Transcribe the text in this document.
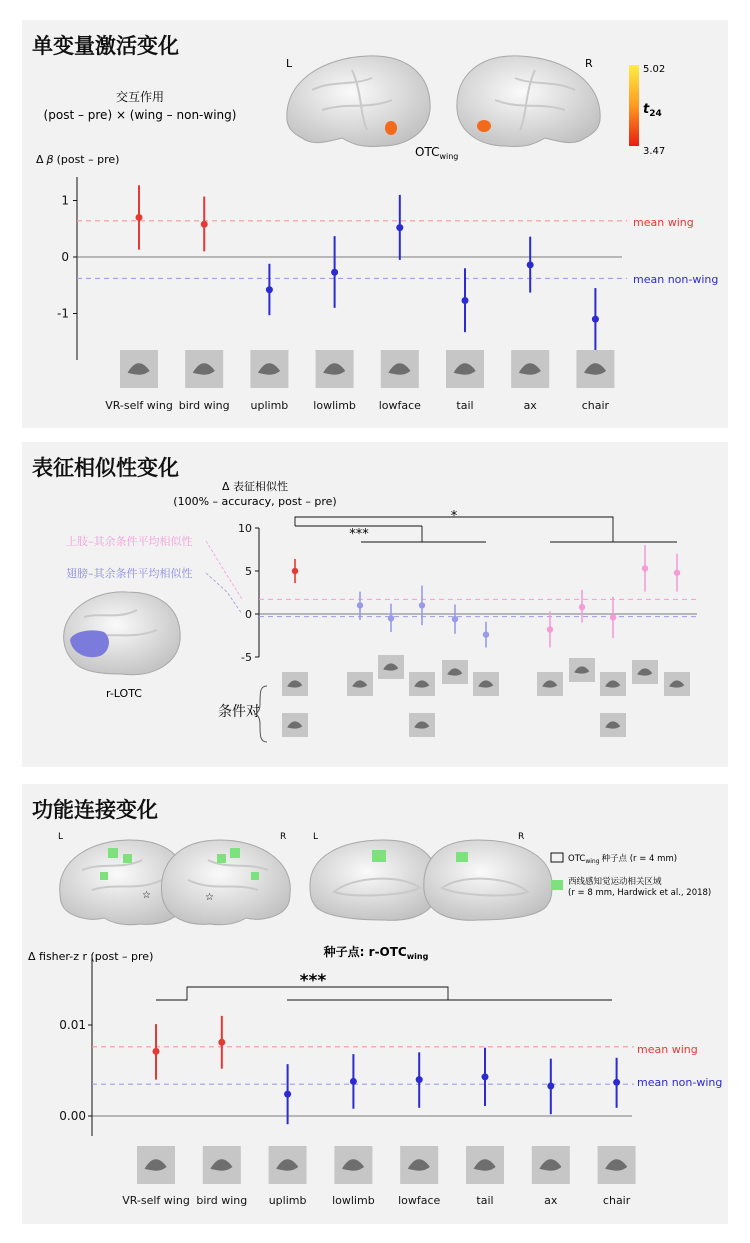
单变量激活变化
L	R
$OTC_{wing}$
5.02
3.47
$t_{24}$
交互作用
(post – pre) × (wing – non-wing)
Δ β (post – pre)
1
0
-1
mean wing
mean non-wing
VR-self wing bird wing uplimb lowlimb lowface	tail	ax	chair
表征相似性变化
Δ 表征相似性
(100% – accuracy, post – pre)
上肢–其余条件平均相似性
翅膀–其余条件平均相似性
r-LOTC
条件对
10
5
0
-5
*
***
功能连接变化
L	R	L	R
☆	☆
$OTC_{wing}$ 种子点 (r = 4 mm)
西线感知觉运动相关区域
(r = 8 mm, Hardwick et al., 2018)
种子点: $r-OTC_{wing}$
Δ fisher-z r (post – pre)
***
0.01
0.00
mean wing
mean non-wing
VR-self wing bird wing uplimb lowlimb lowface	tail	ax	chair
